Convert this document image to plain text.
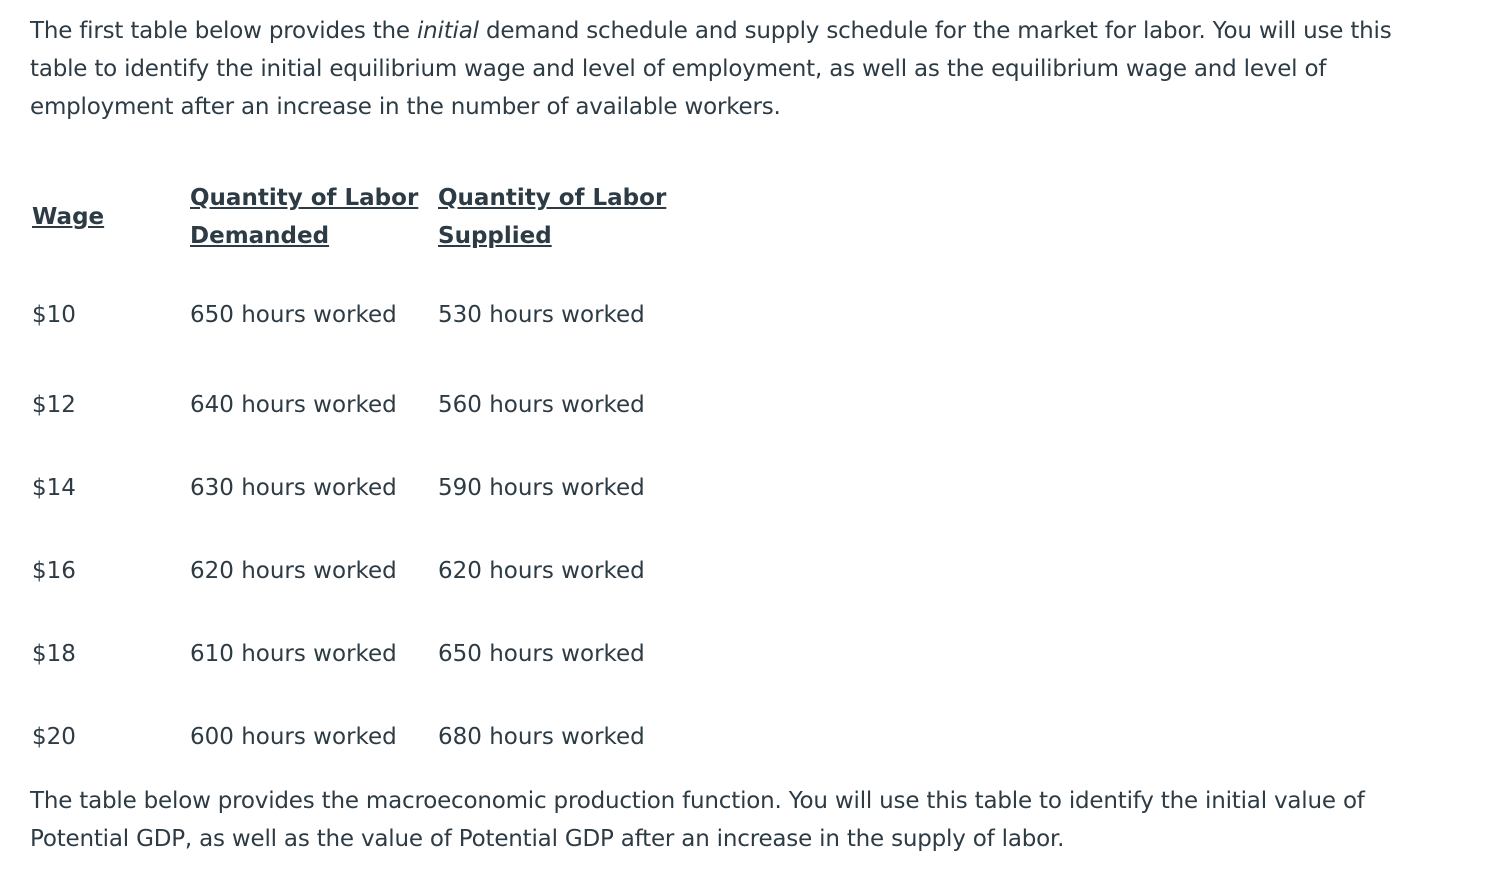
The first table below provides the initial demand schedule and supply schedule for the market for labor. You will use this table to identify the initial equilibrium wage and level of employment, as well as the equilibrium wage and level of employment after an increase in the number of available workers.

Wage	Quantity of Labor Demanded	Quantity of Labor Supplied
$10	650 hours worked	530 hours worked
$12	640 hours worked	560 hours worked
$14	630 hours worked	590 hours worked
$16	620 hours worked	620 hours worked
$18	610 hours worked	650 hours worked
$20	600 hours worked	680 hours worked

The table below provides the macroeconomic production function. You will use this table to identify the initial value of Potential GDP, as well as the value of Potential GDP after an increase in the supply of labor.
